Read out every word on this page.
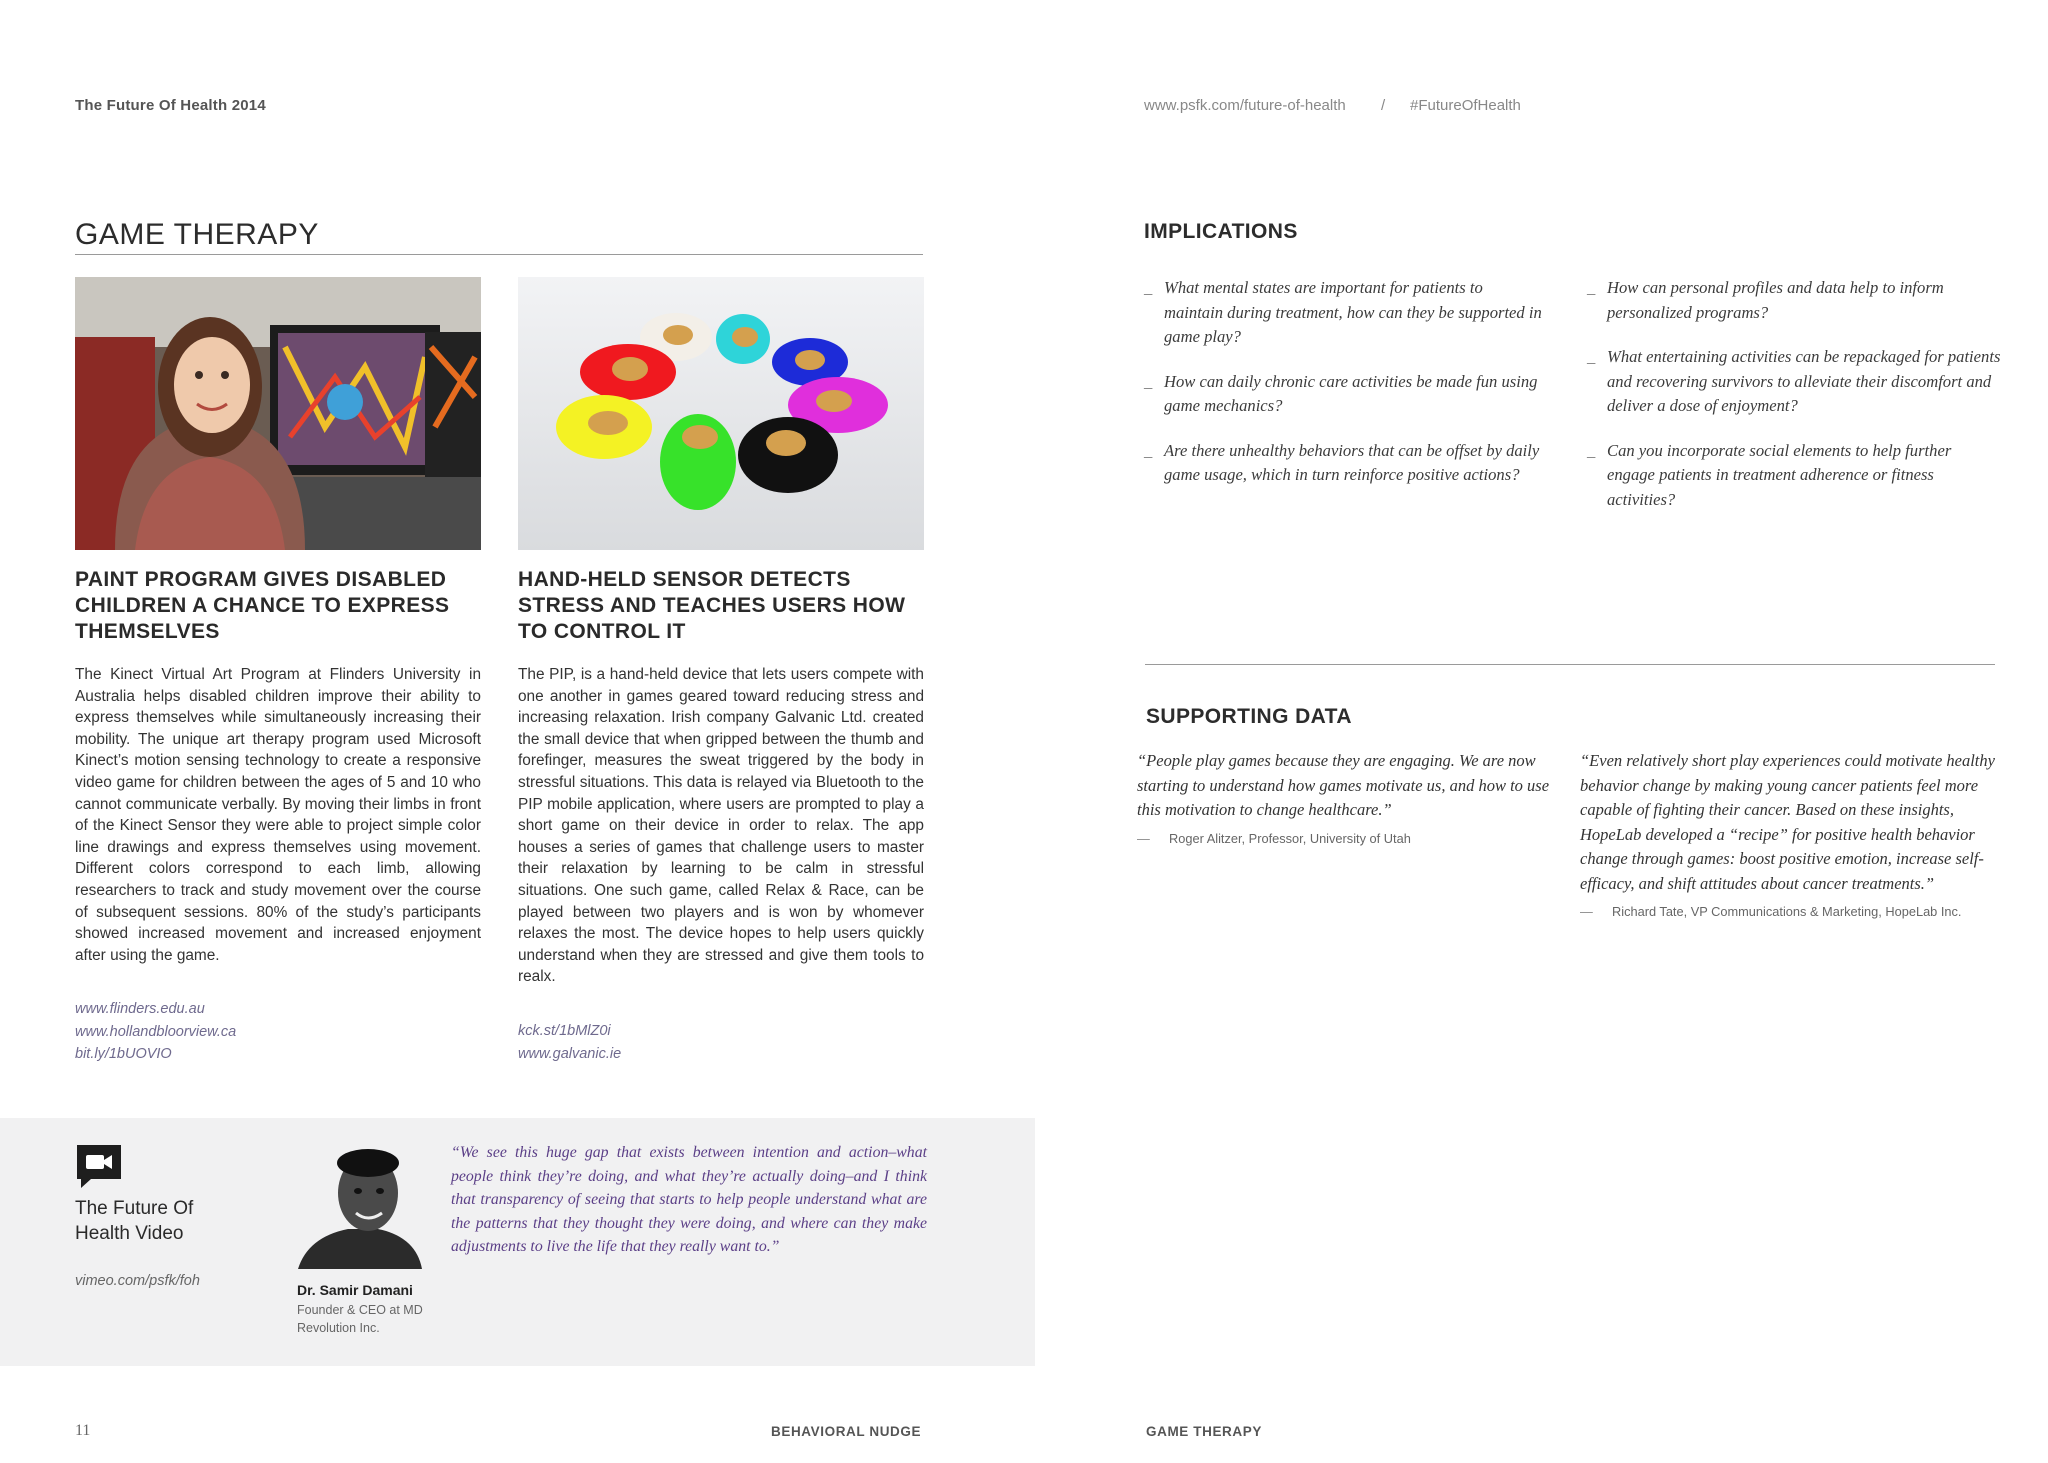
The Future Of Health 2014	www.psfk.com/future-of-health / #FutureOfHealth
GAME THERAPY
PAINT PROGRAM GIVES DISABLED CHILDREN A CHANCE TO EXPRESS THEMSELVES

The Kinect Virtual Art Program at Flinders University in Australia helps disabled children improve their ability to express themselves while simultaneously increasing their mobility. The unique art therapy program used Microsoft Kinect’s motion sensing technology to create a responsive video game for children between the ages of 5 and 10 who cannot communicate verbally. By moving their limbs in front of the Kinect Sensor they were able to project simple color line drawings and express themselves using movement. Different colors correspond to each limb, allowing researchers to track and study movement over the course of subsequent sessions. 80% of the study’s participants showed increased movement and increased enjoyment after using the game.

www.flinders.edu.au
www.hollandbloorview.ca
bit.ly/1bUOVIO
HAND-HELD SENSOR DETECTS STRESS AND TEACHES USERS HOW TO CONTROL IT

The PIP, is a hand-held device that lets users compete with one another in games geared toward reducing stress and increasing relaxation. Irish company Galvanic Ltd. created the small device that when gripped between the thumb and forefinger, measures the sweat triggered by the body in stressful situations. This data is relayed via Bluetooth to the PIP mobile application, where users are prompted to play a short game on their device in order to relax. The app houses a series of games that challenge users to master their relaxation by learning to be calm in stressful situations. One such game, called Relax & Race, can be played between two players and is won by whomever relaxes the most. The device hopes to help users quickly understand when they are stressed and give them tools to realx.

kck.st/1bMlZ0i
www.galvanic.ie
The Future Of Health Video
vimeo.com/psfk/foh
Dr. Samir Damani
Founder & CEO at MD Revolution Inc.

“We see this huge gap that exists between intention and action–what people think they’re doing, and what they’re actually doing–and I think that transparency of seeing that starts to help people understand what are the patterns that they thought they were doing, and where can they make adjustments to live the life that they really want to.”

11	BEHAVIORAL NUDGE
IMPLICATIONS
_ What mental states are important for patients to maintain during treatment, how can they be supported in game play?
_ How can daily chronic care activities be made fun using game mechanics?
_ Are there unhealthy behaviors that can be offset by daily game usage, which in turn reinforce positive actions?
_ How can personal profiles and data help to inform personalized programs?
_ What entertaining activities can be repackaged for patients and recovering survivors to alleviate their discomfort and deliver a dose of enjoyment?
_ Can you incorporate social elements to help further engage patients in treatment adherence or fitness activities?
SUPPORTING DATA

“People play games because they are engaging. We are now starting to understand how games motivate us, and how to use this motivation to change healthcare.”

— Roger Alitzer, Professor, University of Utah

“Even relatively short play experiences could motivate healthy behavior change by making young cancer patients feel more capable of fighting their cancer. Based on these insights, HopeLab developed a “recipe” for positive health behavior change through games: boost positive emotion, increase self-efficacy, and shift attitudes about cancer treatments.”

— Richard Tate, VP Communications & Marketing, HopeLab Inc.
GAME THERAPY
